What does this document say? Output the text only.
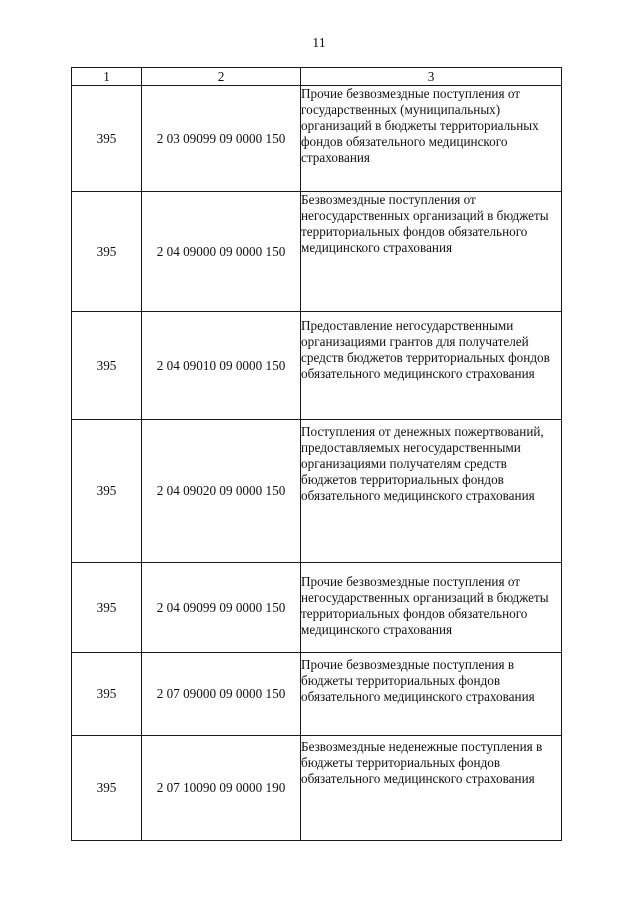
11
1	2	3
395	2 03 09099 09 0000 150	Прочие безвозмездные поступления от государственных (муниципальных) организаций в бюджеты территориальных фондов обязательного медицинского страхования
395	2 04 09000 09 0000 150	Безвозмездные поступления от негосударственных организаций в бюджеты территориальных фондов обязательного медицинского страхования
395	2 04 09010 09 0000 150	Предоставление негосударственными организациями грантов для получателей средств бюджетов территориальных фондов обязательного медицинского страхования
395	2 04 09020 09 0000 150	Поступления от денежных пожертвований, предоставляемых негосударственными организациями получателям средств бюджетов территориальных фондов обязательного медицинского страхования
395	2 04 09099 09 0000 150	Прочие безвозмездные поступления от негосударственных организаций в бюджеты территориальных фондов обязательного медицинского страхования
395	2 07 09000 09 0000 150	Прочие безвозмездные поступления в бюджеты территориальных фондов обязательного медицинского страхования
395	2 07 10090 09 0000 190	Безвозмездные неденежные поступления в бюджеты территориальных фондов обязательного медицинского страхования
